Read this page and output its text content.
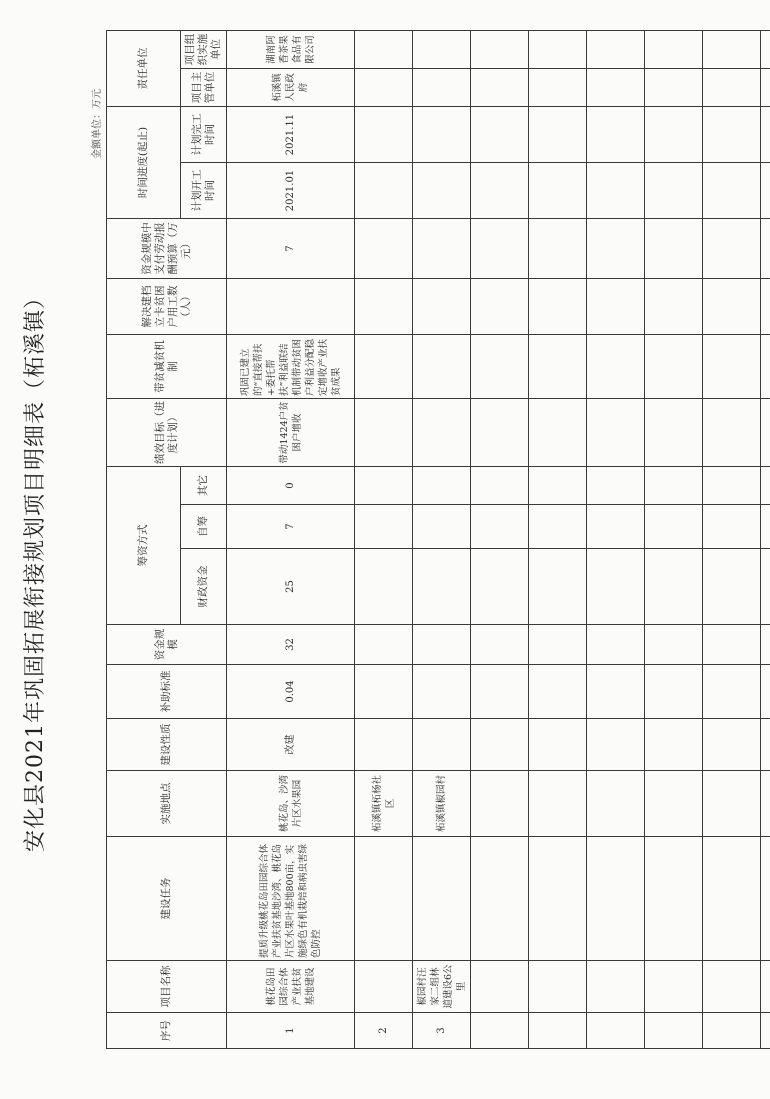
安化县2021年巩固拓展衔接规划项目明细表（柘溪镇）
金额单位：万元
序号	项目名称	建设任务	实施地点	建设性质	补助标准	资金规模	筹资方式			绩效目标（进度计划）	带贫减贫机制	解决建档立卡贫困户用工数（人）	资金规模中支付劳动报酬预算（万元）	时间进度(起止)		责任单位	
							财政资金	自筹	其它					计划开工时间	计划完工时间	项目主管单位	项目组织实施单位
1	桃花岛田园综合体产业扶贫基地建设	提质升级桃花岛田园综合体产业扶贫基地沙湾、桃花岛片区水果叶基地800亩，实施绿色有机栽培和病虫害绿色防控	桃花岛、沙湾片区水果园	改建	0.04	32	25	7	0	带动1424户贫困户增收	巩固已建立的“直接帮扶+委托帮扶”利益联结机制带动贫困户利益分配稳定增收产业扶贫成果		7	2021.01	2021.11	柘溪镇人民政府	湖南阿香茶果食品有限公司
2			柘溪镇柘杨社区														
3	椒园村汪家二组林道建设6公里		柘溪镇椒园村														
